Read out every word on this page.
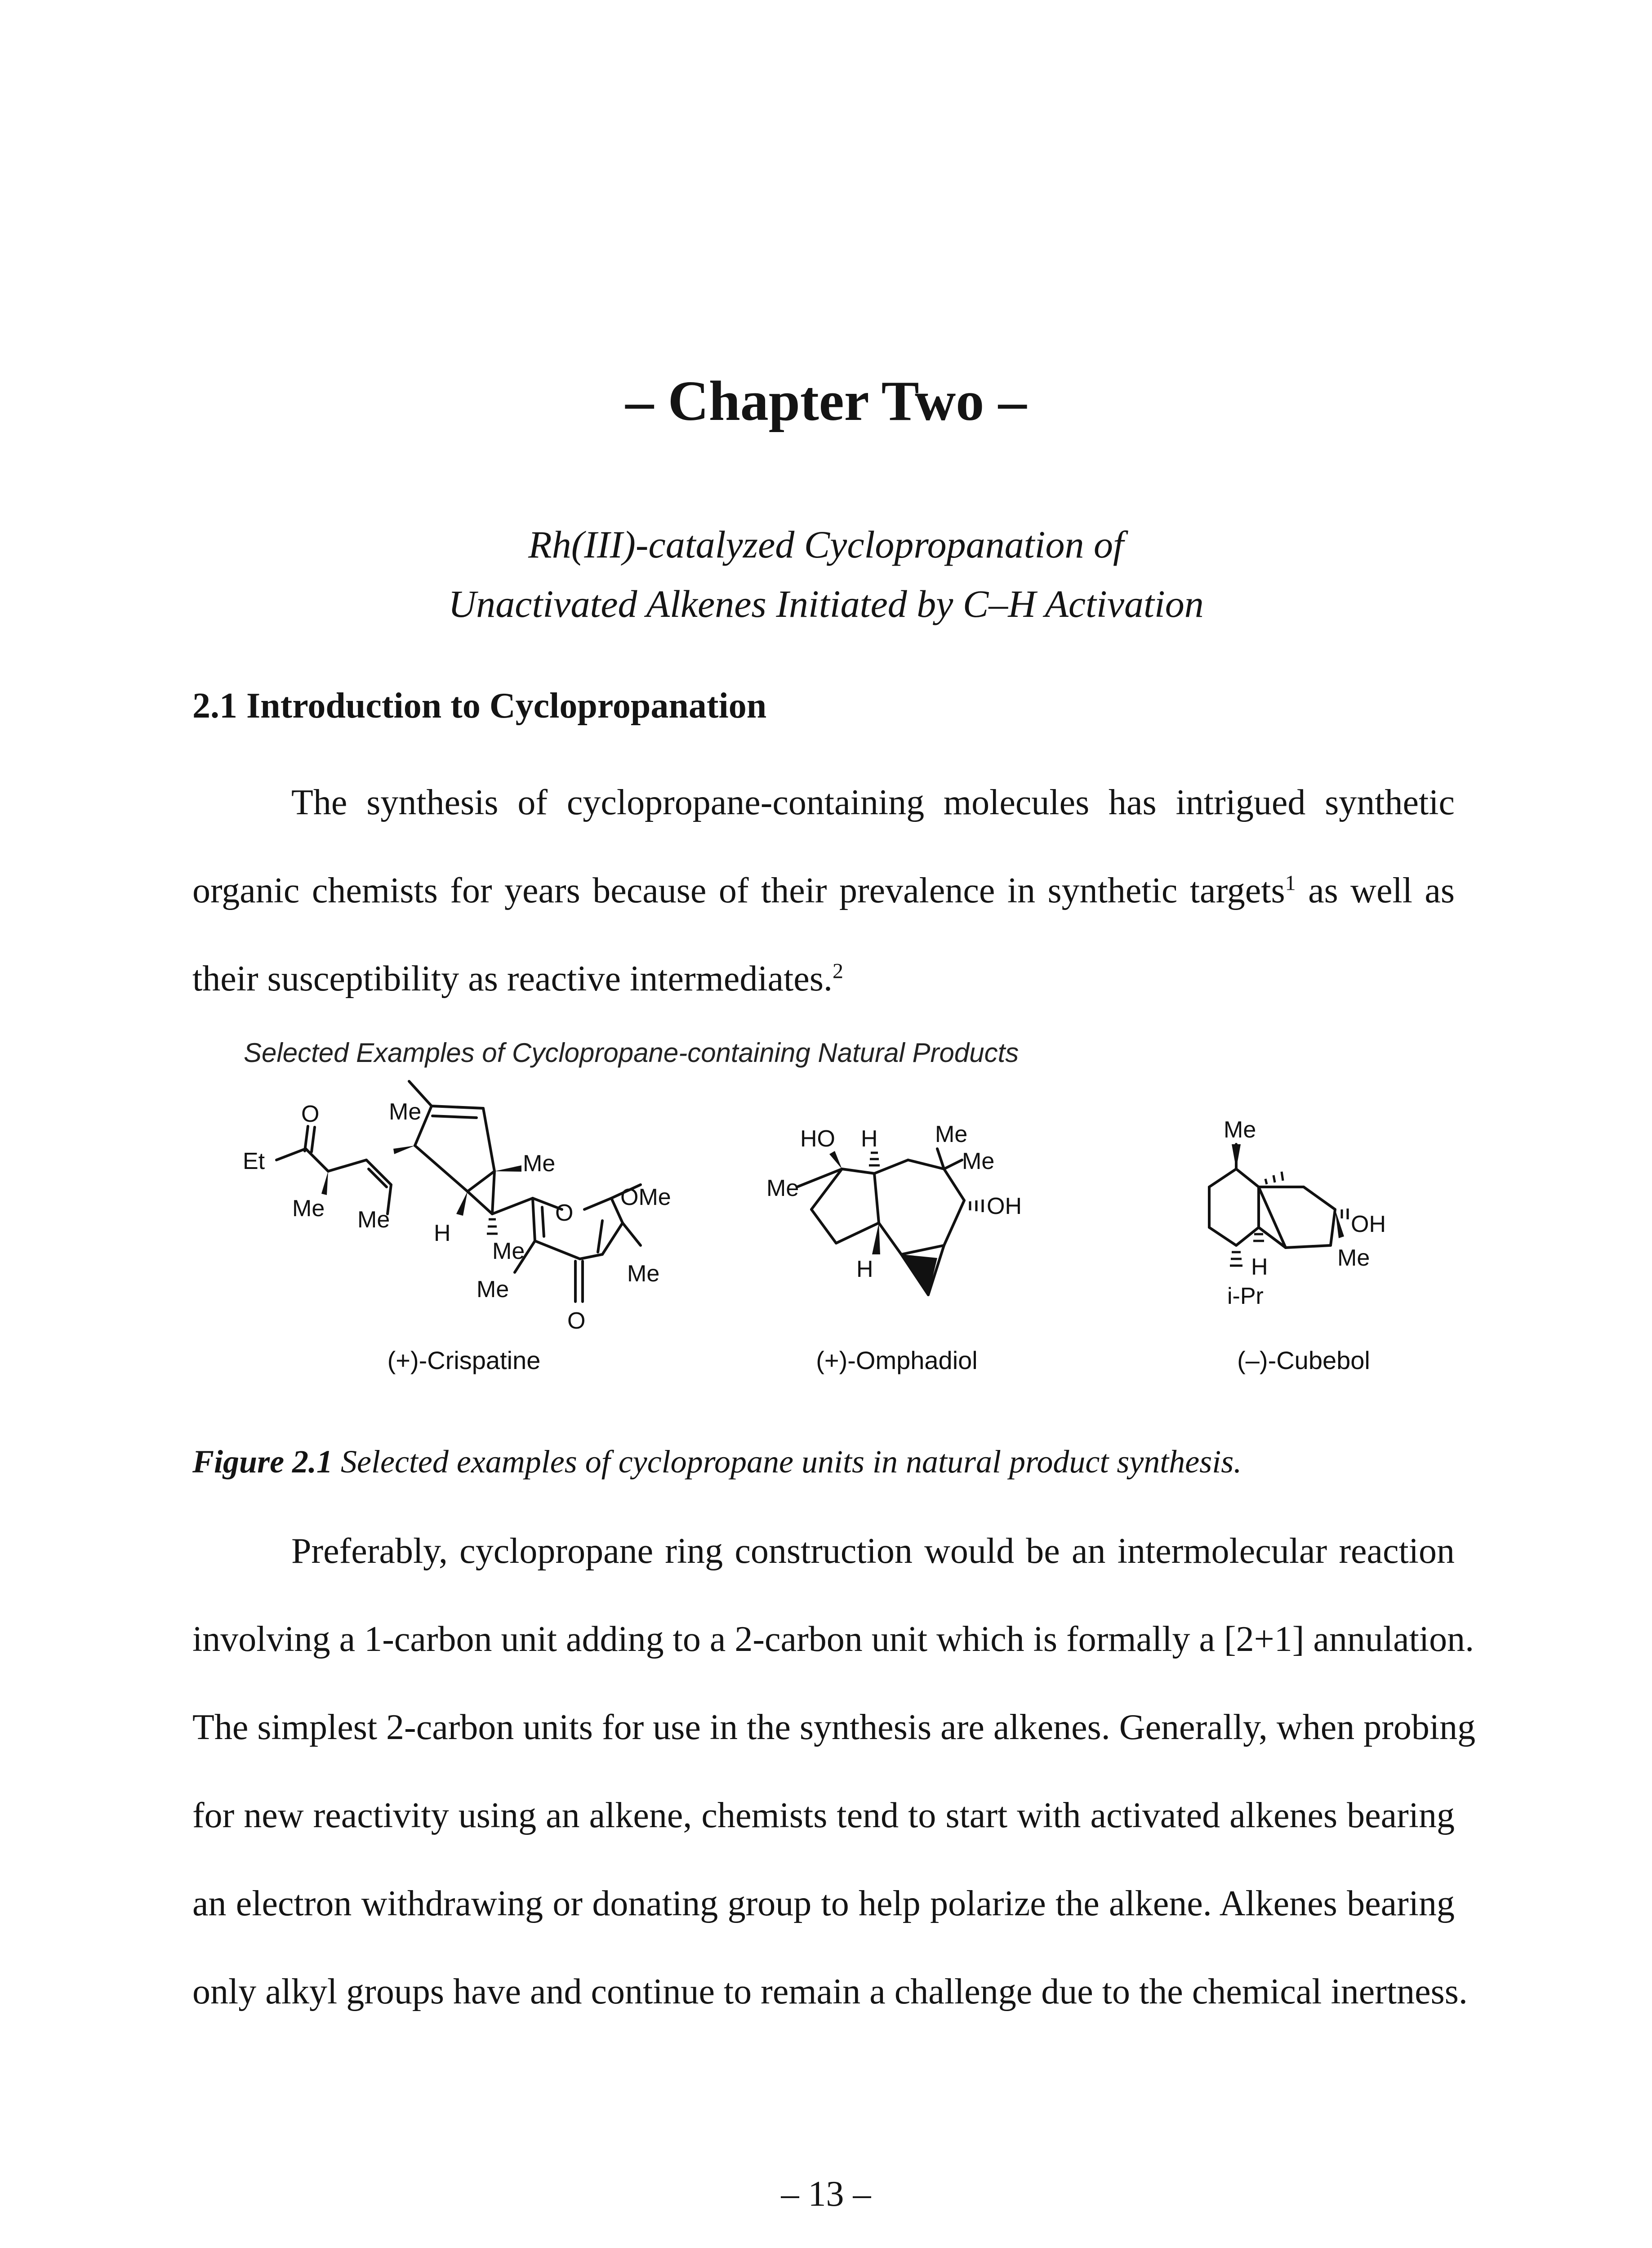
– Chapter Two –
Rh(III)-catalyzed Cyclopropanation of
Unactivated Alkenes Initiated by C–H Activation
2.1 Introduction to Cyclopropanation
The synthesis of cyclopropane-containing molecules has intrigued synthetic
organic chemists for years because of their prevalence in synthetic targets$^1$ as well as
their susceptibility as reactive intermediates.$^2$
Selected Examples of Cyclopropane-containing Natural Products
O
Et
Me
Me
Me Me
H
O
OMe
Me
Me
Me
O
(+)-Crispatine
HO H
Me
Me
Me
OH
H
(+)-Omphadiol
Me
OH
H	Me
i-Pr
(–)-Cubebol
Figure 2.1 Selected examples of cyclopropane units in natural product synthesis.
Preferably, cyclopropane ring construction would be an intermolecular reaction
involving a 1-carbon unit adding to a 2-carbon unit which is formally a [2+1] annulation.
The simplest 2-carbon units for use in the synthesis are alkenes. Generally, when probing
for new reactivity using an alkene, chemists tend to start with activated alkenes bearing
an electron withdrawing or donating group to help polarize the alkene. Alkenes bearing
only alkyl groups have and continue to remain a challenge due to the chemical inertness.
– 13 –
